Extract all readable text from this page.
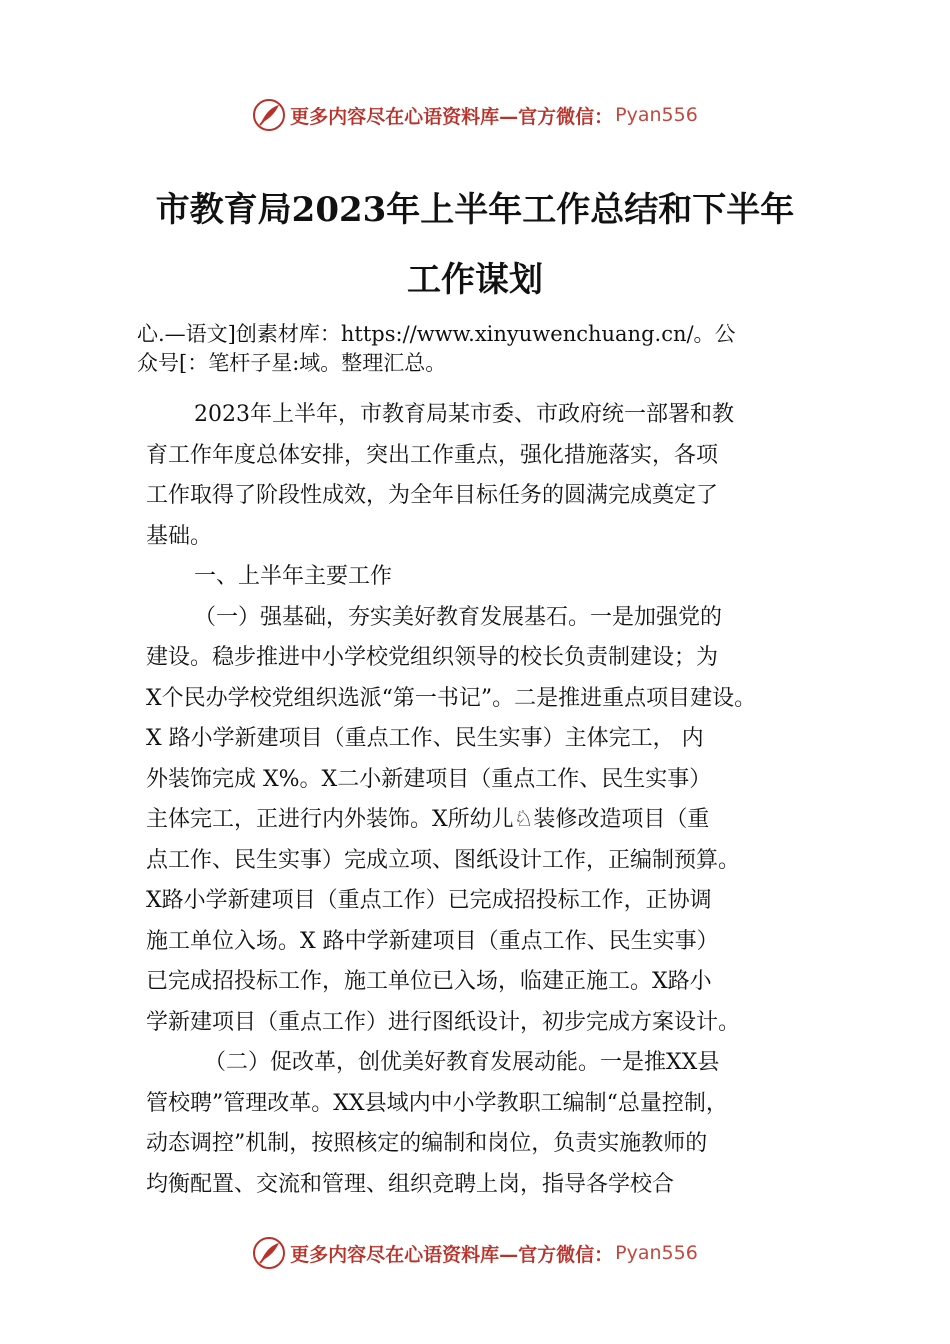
更多内容尽在心语资料库—官方微信： Pyan556
市教育局2023年上半年工作总结和下半年
工作谋划
心.—语文]创素材库：https://www.xinyuwenchuang.cn/。公
众号[：笔杆子星:域。整理汇总。

2023年上半年，市教育局某市委、市政府统一部署和教

育工作年度总体安排，突出工作重点，强化措施落实，各项

工作取得了阶段性成效，为全年目标任务的圆满完成奠定了

基础。

一、上半年主要工作

（一）强基础，夯实美好教育发展基石。一是加强党的

建设。稳步推进中小学校党组织领导的校长负责制建设；为

X个民办学校党组织选派“第一书记”。二是推进重点项目建设。

X 路小学新建项目（重点工作、民生实事）主体完工， 内

外装饰完成 X%。X二小新建项目（重点工作、民生实事）

主体完工，正进行内外装饰。X所幼儿♘装修改造项目（重

点工作、民生实事）完成立项、图纸设计工作，正编制预算。

X路小学新建项目（重点工作）已完成招投标工作，正协调

施工单位入场。X 路中学新建项目（重点工作、民生实事）

已完成招投标工作，施工单位已入场，临建正施工。X路小

学新建项目（重点工作）进行图纸设计，初步完成方案设计。

（二）促改革，创优美好教育发展动能。一是推XX县

管校聘”管理改革。XX县域内中小学教职工编制“总量控制，

动态调控”机制，按照核定的编制和岗位，负责实施教师的

均衡配置、交流和管理、组织竞聘上岗，指导各学校合

更多内容尽在心语资料库—官方微信： Pyan556
